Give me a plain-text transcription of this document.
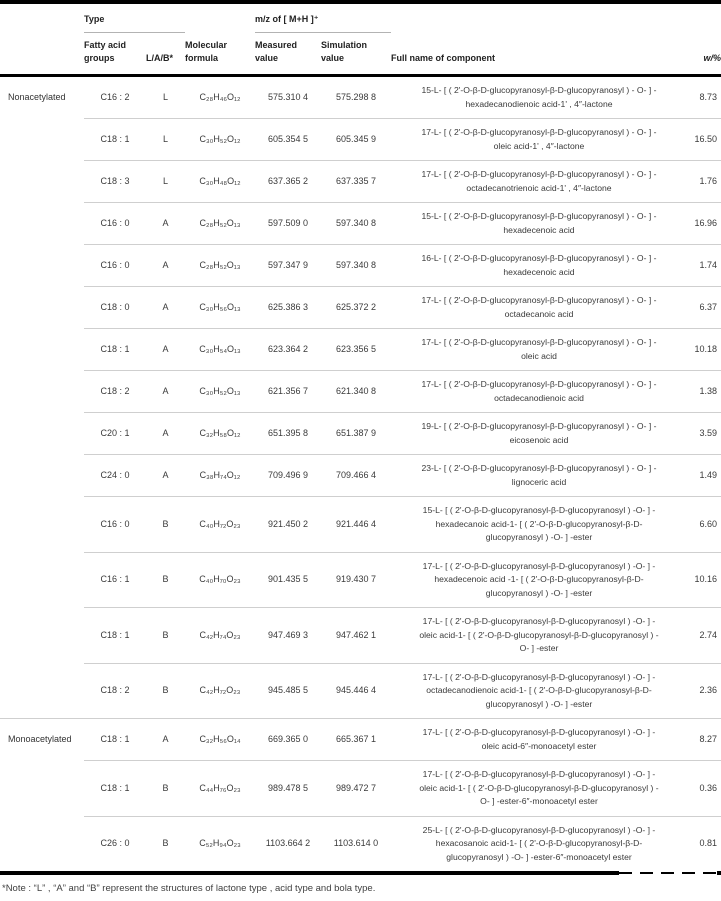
	Type			m/z of [ M+H ]⁺			
	Fatty acid groups	L/A/B*	Molecular formula	Measured value	Simulation value	Full name of component	w/%
Nonacetylated	C16 : 2	L	C₂₈H₄₆O₁₂	575.310 4	575.298 8	15-L- [ ( 2'-O-β-D-glucopyranosyl-β-D-glucopyranosyl ) - O- ] -
hexadecanodienoic acid-1' , 4″-lactone	8.73
	C18 : 1	L	C₃₀H₅₂O₁₂	605.354 5	605.345 9	17-L- [ ( 2'-O-β-D-glucopyranosyl-β-D-glucopyranosyl ) - O- ] -
oleic acid-1' , 4″-lactone	16.50
	C18 : 3	L	C₃₀H₄₈O₁₂	637.365 2	637.335 7	17-L- [ ( 2'-O-β-D-glucopyranosyl-β-D-glucopyranosyl ) - O- ] -
octadecanotrienoic acid-1' , 4″-lactone	1.76
	C16 : 0	A	C₂₈H₅₂O₁₃	597.509 0	597.340 8	15-L- [ ( 2'-O-β-D-glucopyranosyl-β-D-glucopyranosyl ) - O- ] -
hexadecenoic acid	16.96
	C16 : 0	A	C₂₈H₅₂O₁₃	597.347 9	597.340 8	16-L- [ ( 2'-O-β-D-glucopyranosyl-β-D-glucopyranosyl ) - O- ] -
hexadecenoic acid	1.74
	C18 : 0	A	C₃₀H₅₆O₁₃	625.386 3	625.372 2	17-L- [ ( 2'-O-β-D-glucopyranosyl-β-D-glucopyranosyl ) - O- ] -
octadecanoic acid	6.37
	C18 : 1	A	C₃₀H₅₄O₁₃	623.364 2	623.356 5	17-L- [ ( 2'-O-β-D-glucopyranosyl-β-D-glucopyranosyl ) - O- ] -
oleic acid	10.18
	C18 : 2	A	C₃₀H₅₂O₁₃	621.356 7	621.340 8	17-L- [ ( 2'-O-β-D-glucopyranosyl-β-D-glucopyranosyl ) - O- ] -
octadecanodienoic acid	1.38
	C20 : 1	A	C₃₂H₅₈O₁₂	651.395 8	651.387 9	19-L- [ ( 2'-O-β-D-glucopyranosyl-β-D-glucopyranosyl ) - O- ] -
eicosenoic acid	3.59
	C24 : 0	A	C₃₈H₇₄O₁₂	709.496 9	709.466 4	23-L- [ ( 2'-O-β-D-glucopyranosyl-β-D-glucopyranosyl ) - O- ] -
lignoceric acid	1.49
	C16 : 0	B	C₄₀H₇₂O₂₃	921.450 2	921.446 4	15-L- [ ( 2'-O-β-D-glucopyranosyl-β-D-glucopyranosyl ) -O- ] -
hexadecanoic acid-1- [ ( 2'-O-β-D-glucopyranosyl-β-D-
glucopyranosyl ) -O- ] -ester	6.60
	C16 : 1	B	C₄₀H₇₀O₂₃	901.435 5	919.430 7	17-L- [ ( 2'-O-β-D-glucopyranosyl-β-D-glucopyranosyl ) -O- ] -
hexadecenoic acid -1- [ ( 2'-O-β-D-glucopyranosyl-β-D-
glucopyranosyl ) -O- ] -ester	10.16
	C18 : 1	B	C₄₂H₇₄O₂₃	947.469 3	947.462 1	17-L- [ ( 2'-O-β-D-glucopyranosyl-β-D-glucopyranosyl ) -O- ] -
oleic acid-1- [ ( 2'-O-β-D-glucopyranosyl-β-D-glucopyranosyl ) -
O- ] -ester	2.74
	C18 : 2	B	C₄₂H₇₂O₂₃	945.485 5	945.446 4	17-L- [ ( 2'-O-β-D-glucopyranosyl-β-D-glucopyranosyl ) -O- ] -
octadecanodienoic acid-1- [ ( 2'-O-β-D-glucopyranosyl-β-D-
glucopyranosyl ) -O- ] -ester	2.36
Monoacetylated	C18 : 1	A	C₃₂H₅₆O₁₄	669.365 0	665.367 1	17-L- [ ( 2'-O-β-D-glucopyranosyl-β-D-glucopyranosyl ) -O- ] -
oleic acid-6″-monoacetyl ester	8.27
	C18 : 1	B	C₄₄H₇₆O₂₃	989.478 5	989.472 7	17-L- [ ( 2'-O-β-D-glucopyranosyl-β-D-glucopyranosyl ) -O- ] -
oleic acid-1- [ ( 2'-O-β-D-glucopyranosyl-β-D-glucopyranosyl ) -
O- ] -ester-6″-monoacetyl ester	0.36
	C26 : 0	B	C₅₂H₉₄O₂₃	1103.664 2	1103.614 0	25-L- [ ( 2'-O-β-D-glucopyranosyl-β-D-glucopyranosyl ) -O- ] -
hexacosanoic acid-1- [ ( 2'-O-β-D-glucopyranosyl-β-D-
glucopyranosyl ) -O- ] -ester-6″-monoacetyl ester	0.81
*Note : “L” , “A” and “B” represent the structures of lactone type , acid type and bola type.
